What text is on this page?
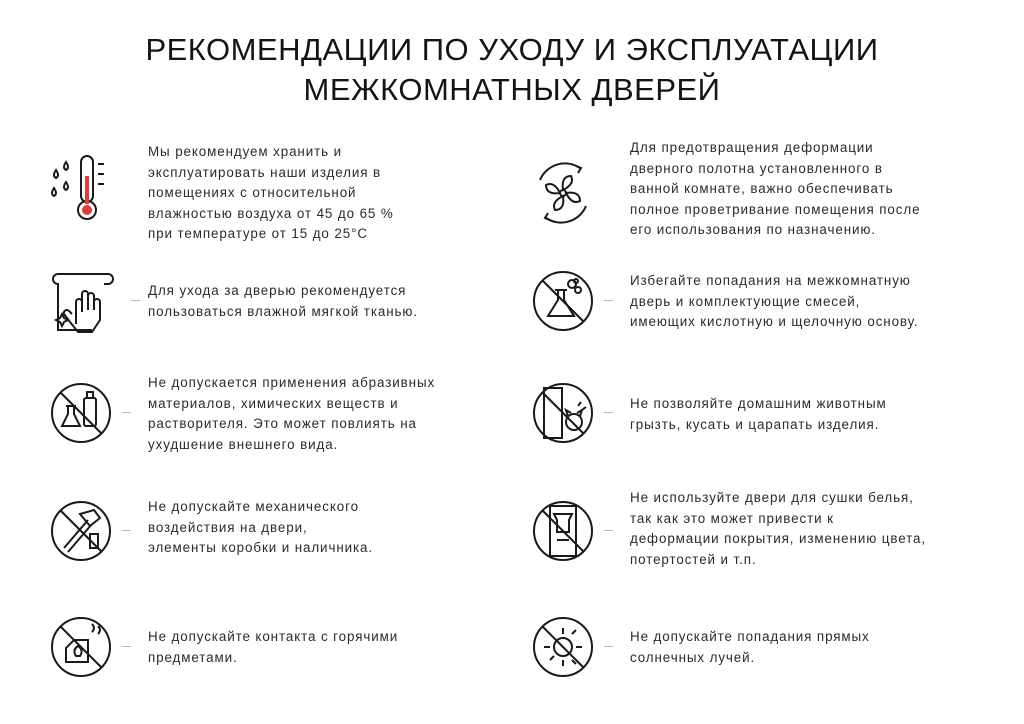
РЕКОМЕНДАЦИИ ПО УХОДУ И ЭКСПЛУАТАЦИИ
МЕЖКОМНАТНЫХ ДВЕРЕЙ
Мы рекомендуем хранить и
эксплуатировать наши изделия в
помещениях с относительной
влажностью воздуха от 45 до 65 %
при температуре от 15 до 25°С
Для предотвращения деформации
дверного полотна установленного в
ванной комнате, важно обеспечивать
полное проветривание помещения после
его использования по назначению.
Для ухода за дверью рекомендуется
пользоваться влажной мягкой тканью.
Избегайте попадания на межкомнатную
дверь и комплектующие смесей,
имеющих кислотную и щелочную основу.
Не допускается применения абразивных
материалов, химических веществ и
растворителя. Это может повлиять на
ухудшение внешнего вида.
Не позволяйте домашним животным
грызть, кусать и царапать изделия.
Не допускайте механического
воздействия на двери,
элементы коробки и наличника.
Не используйте двери для сушки белья,
так как это может привести к
деформации покрытия, изменению цвета,
потертостей и т.п.
Не допускайте контакта с горячими
предметами.
Не допускайте попадания прямых
солнечных лучей.
